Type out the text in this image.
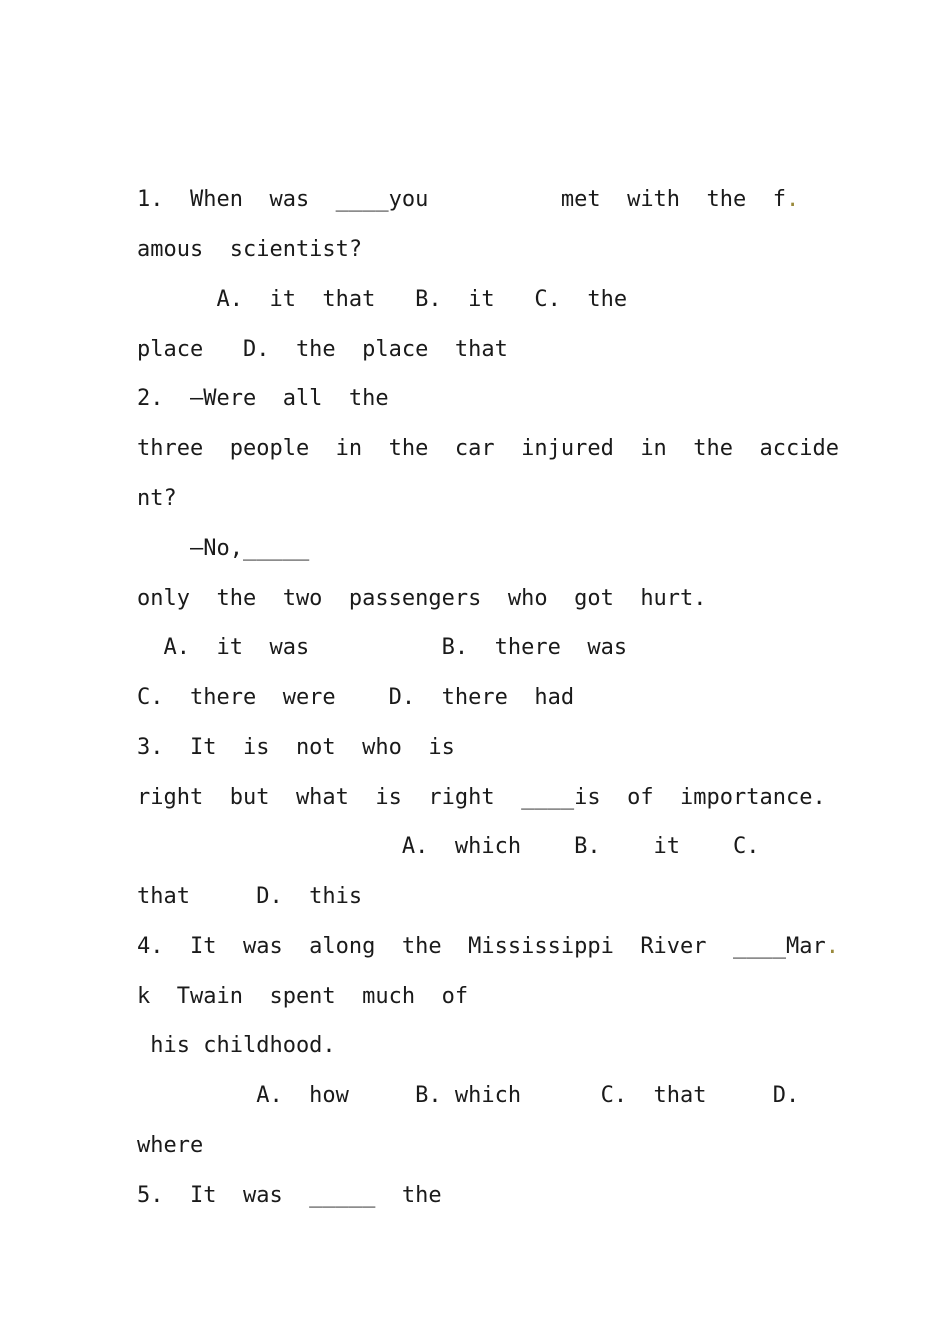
1.  When  was  ____you          met  with  the  f.
amous  scientist?
A.  it  that   B.  it   C.  the
place   D.  the  place  that
2.  —Were  all  the
three  people  in  the  car  injured  in  the  accide
nt?
—No,_____
only  the  two  passengers  who  got  hurt.
A.  it  was          B.  there  was
C.  there  were    D.  there  had
3.  It  is  not  who  is
right  but  what  is  right  ____is  of  importance.
A.  which    B.    it    C.
that     D.  this
4.  It  was  along  the  Mississippi  River  ____Mar.
k  Twain  spent  much  of
his childhood.
A.  how     B. which      C.  that     D.
where
5.  It  was  _____  the
